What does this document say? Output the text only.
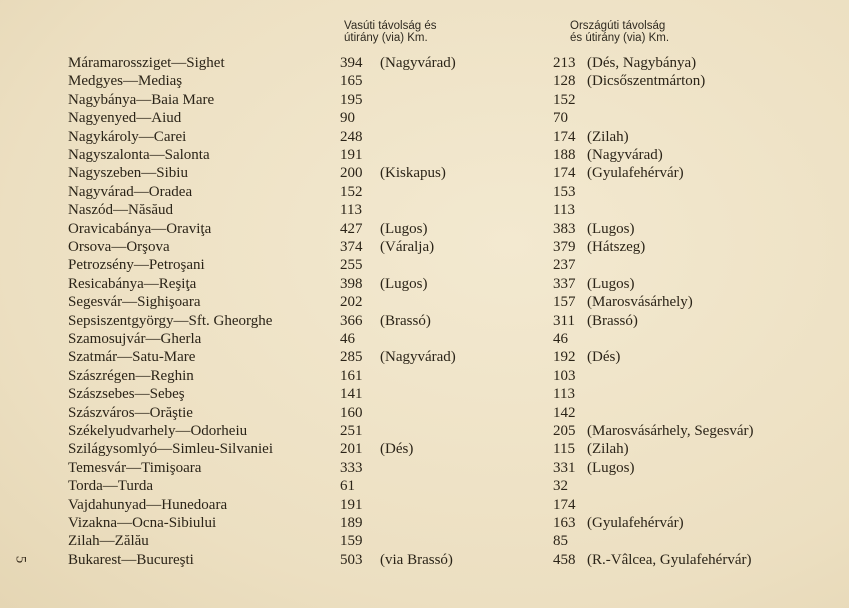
Vasúti távolság és
útirány (via) Km.
Országúti távolság
és útirány (via) Km.
Máramarossziget—Sighet	394 (Nagyvárad)	213 (Dés, Nagybánya)
Medgyes—Mediaş	165	128 (Dicsőszentmárton)
Nagybánya—Baia Mare	195	152
Nagyenyed—Aiud	90	70
Nagykároly—Carei	248	174 (Zilah)
Nagyszalonta—Salonta	191	188 (Nagyvárad)
Nagyszeben—Sibiu	200 (Kiskapus)	174 (Gyulafehérvár)
Nagyvárad—Oradea	152	153
Naszód—Năsăud	113	113
Oravicabánya—Oraviţa	427 (Lugos)	383 (Lugos)
Orsova—Orşova	374 (Váralja)	379 (Hátszeg)
Petrozsény—Petroşani	255	237
Resicabánya—Reşiţa	398 (Lugos)	337 (Lugos)
Segesvár—Sighişoara	202	157 (Marosvásárhely)
Sepsiszentgyörgy—Sft. Gheorghe	366 (Brassó)	311 (Brassó)
Szamosujvár—Gherla	46	46
Szatmár—Satu-Mare	285 (Nagyvárad)	192 (Dés)
Szászrégen—Reghin	161	103
Szászsebes—Sebeş	141	113
Szászváros—Orăştie	160	142
Székelyudvarhely—Odorheiu	251	205 (Marosvásárhely, Segesvár)
Szilágysomlyó—Simleu-Silvaniei	201 (Dés)	115 (Zilah)
Temesvár—Timişoara	333	331 (Lugos)
Torda—Turda	61	32
Vajdahunyad—Hunedoara	191	174
Vizakna—Ocna-Sibiului	189	163 (Gyulafehérvár)
Zilah—Zălău	159	85
Bukarest—Bucureşti	503 (via Brassó)	458 (R.-Vâlcea, Gyulafehérvár)
5
